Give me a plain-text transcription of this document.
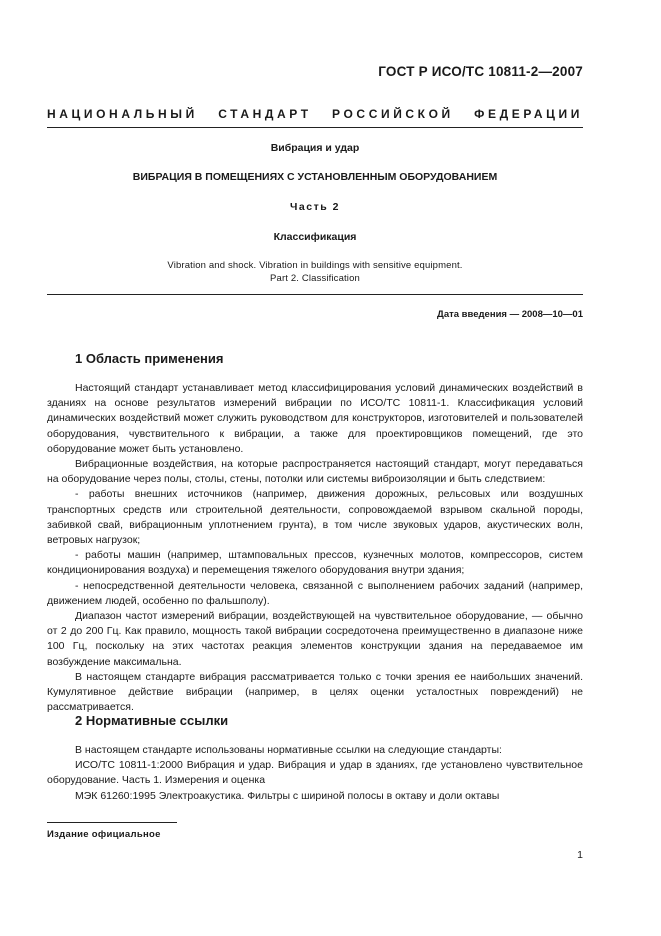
ГОСТ Р ИСО/ТС 10811-2—2007
НАЦИОНАЛЬНЫЙ СТАНДАРТ РОССИЙСКОЙ ФЕДЕРАЦИИ
Вибрация и удар
ВИБРАЦИЯ В ПОМЕЩЕНИЯХ С УСТАНОВЛЕННЫМ ОБОРУДОВАНИЕМ
Часть 2
Классификация
Vibration and shock. Vibration in buildings with sensitive equipment.
Part 2. Classification
Дата введения — 2008—10—01
1 Область применения

Настоящий стандарт устанавливает метод классифицирования условий динамических воздействий в зданиях на основе результатов измерений вибрации по ИСО/ТС 10811-1. Классификация условий динамических воздействий может служить руководством для конструкторов, изготовителей и пользователей оборудования, чувствительного к вибрации, а также для проектировщиков помещений, где это оборудование может быть установлено.

Вибрационные воздействия, на которые распространяется настоящий стандарт, могут передаваться на оборудование через полы, столы, стены, потолки или системы виброизоляции и быть следствием:

- работы внешних источников (например, движения дорожных, рельсовых или воздушных транспортных средств или строительной деятельности, сопровождаемой взрывом скальной породы, забивкой свай, вибрационным уплотнением грунта), в том числе звуковых ударов, акустических волн, ветровых нагрузок;

- работы машин (например, штамповальных прессов, кузнечных молотов, компрессоров, систем кондиционирования воздуха) и перемещения тяжелого оборудования внутри здания;

- непосредственной деятельности человека, связанной с выполнением рабочих заданий (например, движением людей, особенно по фальшполу).

Диапазон частот измерений вибрации, воздействующей на чувствительное оборудование, — обычно от 2 до 200 Гц. Как правило, мощность такой вибрации сосредоточена преимущественно в диапазоне ниже 100 Гц, поскольку на этих частотах реакция элементов конструкции здания на передаваемое им возбуждение максимальна.

В настоящем стандарте вибрация рассматривается только с точки зрения ее наибольших значений. Кумулятивное действие вибрации (например, в целях оценки усталостных повреждений) не рассматривается.

2 Нормативные ссылки

В настоящем стандарте использованы нормативные ссылки на следующие стандарты:

ИСО/ТС 10811-1:2000 Вибрация и удар. Вибрация и удар в зданиях, где установлено чувствительное оборудование. Часть 1. Измерения и оценка

МЭК 61260:1995 Электроакустика. Фильтры с шириной полосы в октаву и доли октавы

Издание официальное
1
